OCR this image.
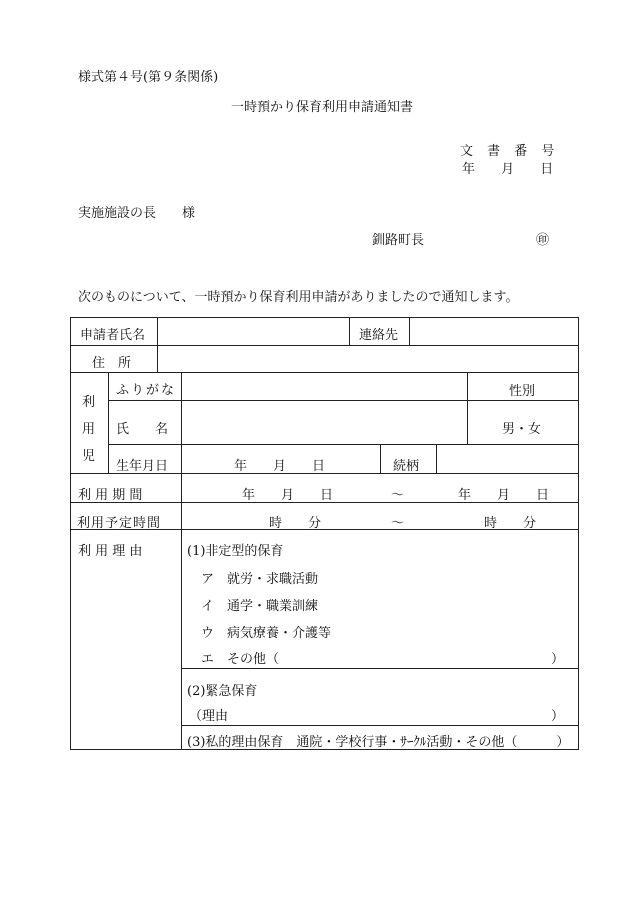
様式第４号(第９条関係)
一時預かり保育利用申請通知書
文 書 番 号
年 月 日
実施施設の長　　様
釧路町長	㊞
次のものについて、一時預かり保育利用申請がありましたので通知します。
申請者氏名	連絡先
住　所
利
用
児
ふりがな	性別
氏　　名	男・女
生年月日	年　　月　　日	続柄
利 用 期 間	年　　月　　日	～	年　　月　　日
利用予定時間	時　　分	～	時　　分
利 用 理 由	(1)非定型的保育
ア　就労・求職活動
イ　通学・職業訓練
ウ　病気療養・介護等
エ　その他（	）
(2)緊急保育
（理由	）
(3)私的理由保育　通院・学校行事・ｻｰｸﾙ活動・その他（　　　）
